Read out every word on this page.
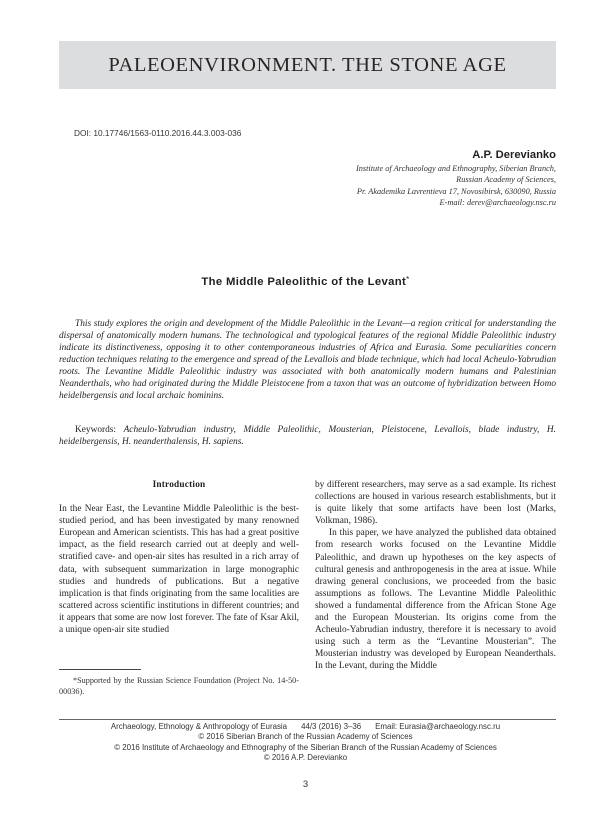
PALEOENVIRONMENT. THE STONE AGE
DOI: 10.17746/1563-0110.2016.44.3.003-036
A.P. Derevianko
Institute of Archaeology and Ethnography, Siberian Branch,
Russian Academy of Sciences,
Pr. Akademika Lavrentieva 17, Novosibirsk, 630090, Russia
E-mail: derev@archaeology.nsc.ru
The Middle Paleolithic of the Levant*

This study explores the origin and development of the Middle Paleolithic in the Levant—a region critical for understanding the dispersal of anatomically modern humans. The technological and typological features of the regional Middle Paleolithic industry indicate its distinctiveness, opposing it to other contemporaneous industries of Africa and Eurasia. Some peculiarities concern reduction techniques relating to the emergence and spread of the Levallois and blade technique, which had local Acheulo-Yabrudian roots. The Levantine Middle Paleolithic industry was associated with both anatomically modern humans and Palestinian Neanderthals, who had originated during the Middle Pleistocene from a taxon that was an outcome of hybridization between Homo heidelbergensis and local archaic hominins.

Keywords: Acheulo-Yabrudian industry, Middle Paleolithic, Mousterian, Pleistocene, Levallois, blade industry, H. heidelbergensis, H. neanderthalensis, H. sapiens.

Introduction

In the Near East, the Levantine Middle Paleolithic is the best-studied period, and has been investigated by many renowned European and American scientists. This has had a great positive impact, as the field research carried out at deeply and well-stratified cave- and open-air sites has resulted in a rich array of data, with subsequent summarization in large monographic studies and hundreds of publications. But a negative implication is that finds originating from the same localities are scattered across scientific institutions in different countries; and it appears that some are now lost forever. The fate of Ksar Akil, a unique open-air site studied

*Supported by the Russian Science Foundation (Project No. 14-50-00036).

by different researchers, may serve as a sad example. Its richest collections are housed in various research establishments, but it is quite likely that some artifacts have been lost (Marks, Volkman, 1986).

In this paper, we have analyzed the published data obtained from research works focused on the Levantine Middle Paleolithic, and drawn up hypotheses on the key aspects of cultural genesis and anthropogenesis in the area at issue. While drawing general conclusions, we proceeded from the basic assumptions as follows. The Levantine Middle Paleolithic showed a fundamental difference from the African Stone Age and the European Mousterian. Its origins come from the Acheulo-Yabrudian industry, therefore it is necessary to avoid using such a term as the “Levantine Mousterian”. The Mousterian industry was developed by European Neanderthals. In the Levant, during the Middle

Archaeology, Ethnology & Anthropology of Eurasia 44/3 (2016) 3–36 Email: Eurasia@archaeology.nsc.ru
© 2016 Siberian Branch of the Russian Academy of Sciences
© 2016 Institute of Archaeology and Ethnography of the Siberian Branch of the Russian Academy of Sciences
© 2016 A.P. Derevianko
3
